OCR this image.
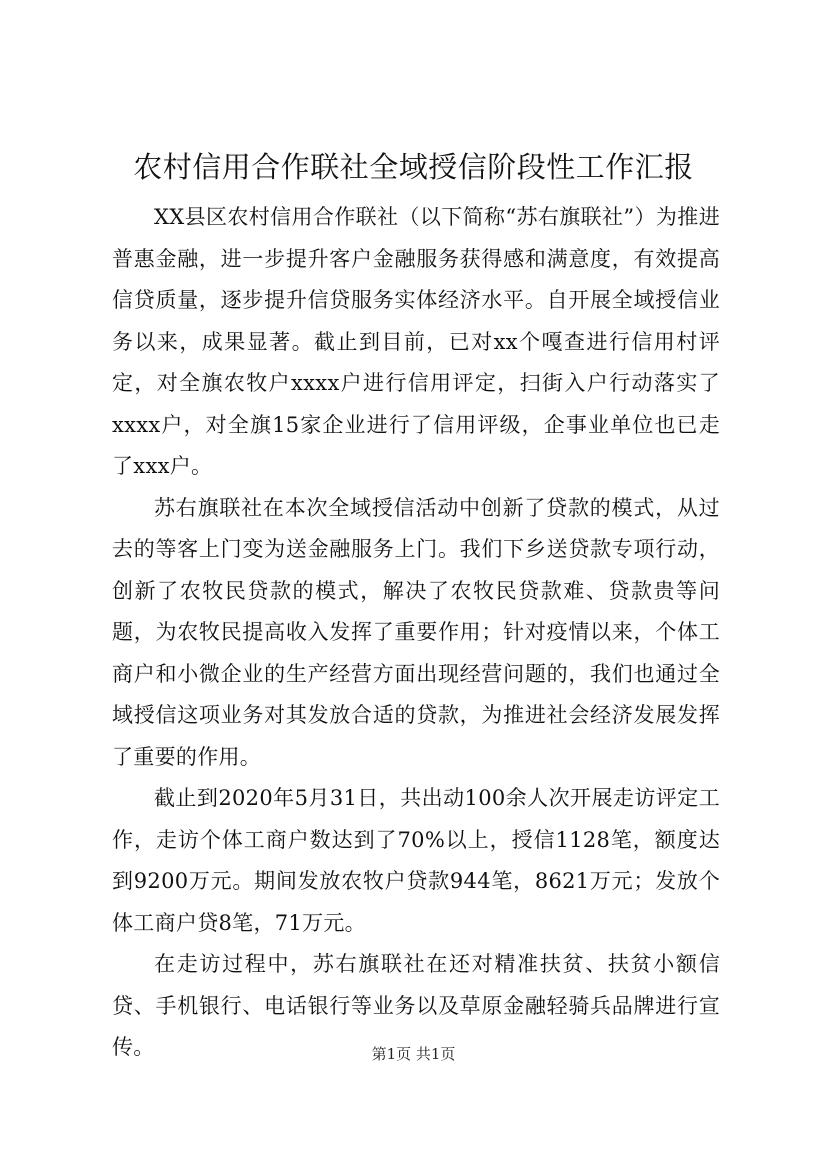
农村信用合作联社全域授信阶段性工作汇报

XX县区农村信用合作联社（以下简称“苏右旗联社”）为推进普惠金融，进一步提升客户金融服务获得感和满意度，有效提高信贷质量，逐步提升信贷服务实体经济水平。自开展全域授信业务以来，成果显著。截止到目前，已对xx个嘎查进行信用村评定，对全旗农牧户xxxx户进行信用评定，扫街入户行动落实了xxxx户，对全旗15家企业进行了信用评级，企事业单位也已走了xxx户。

苏右旗联社在本次全域授信活动中创新了贷款的模式，从过去的等客上门变为送金融服务上门。我们下乡送贷款专项行动，创新了农牧民贷款的模式，解决了农牧民贷款难、贷款贵等问题，为农牧民提高收入发挥了重要作用；针对疫情以来，个体工商户和小微企业的生产经营方面出现经营问题的，我们也通过全域授信这项业务对其发放合适的贷款，为推进社会经济发展发挥了重要的作用。

截止到2020年5月31日，共出动100余人次开展走访评定工作，走访个体工商户数达到了70%以上，授信1128笔，额度达到9200万元。期间发放农牧户贷款944笔，8621万元；发放个体工商户贷8笔，71万元。

在走访过程中，苏右旗联社在还对精准扶贫、扶贫小额信贷、手机银行、电话银行等业务以及草原金融轻骑兵品牌进行宣传。	第1页 共1页
